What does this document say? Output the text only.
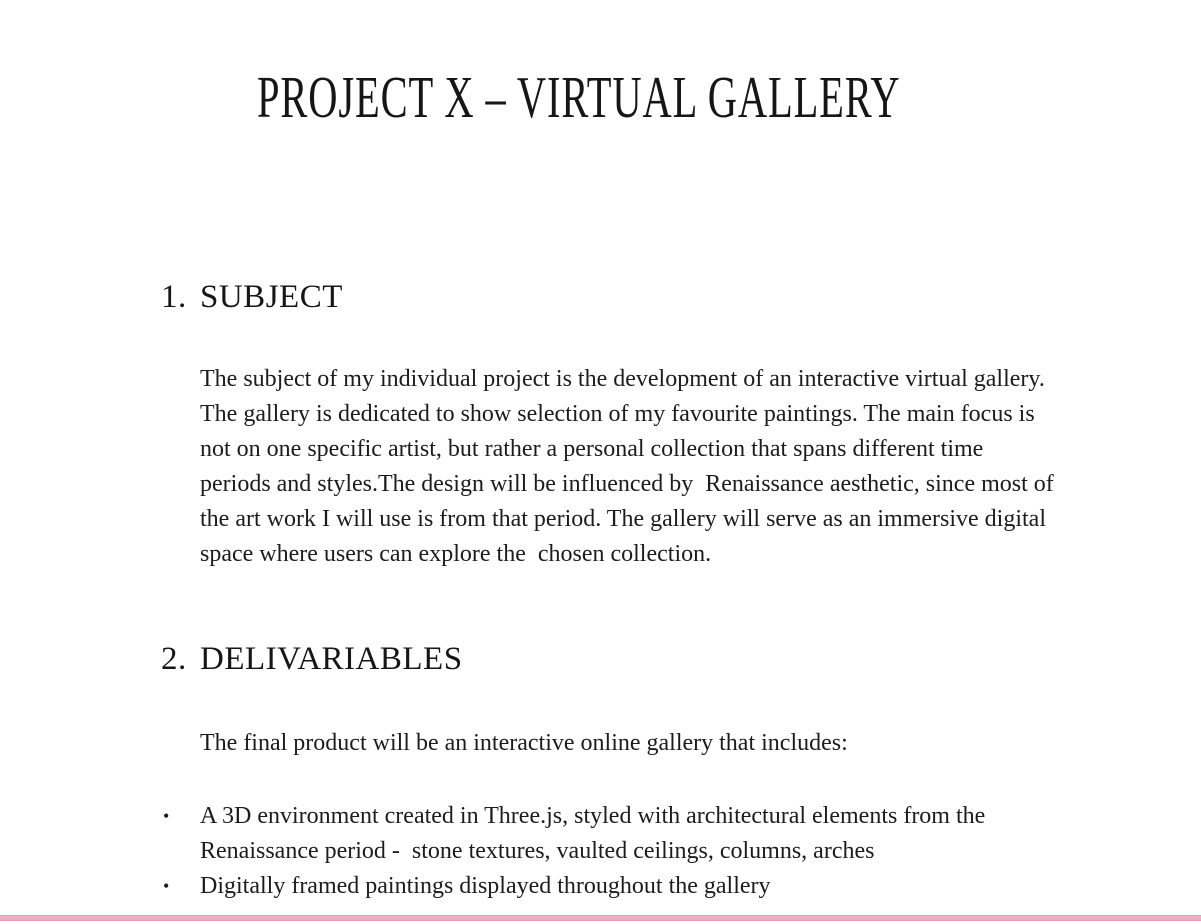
PROJECT X – VIRTUAL GALLERY
1. SUBJECT

The subject of my individual project is the development of an interactive virtual gallery. The gallery is dedicated to show selection of my favourite paintings. The main focus is not on one specific artist, but rather a personal collection that spans different time periods and styles.The design will be influenced by  Renaissance aesthetic, since most of the art work I will use is from that period. The gallery will serve as an immersive digital space where users can explore the  chosen collection.

2. DELIVARIABLES

The final product will be an interactive online gallery that includes:

•	A 3D environment created in Three.js, styled with architectural elements from the Renaissance period -  stone textures, vaulted ceilings, columns, arches
•	Digitally framed paintings displayed throughout the gallery
